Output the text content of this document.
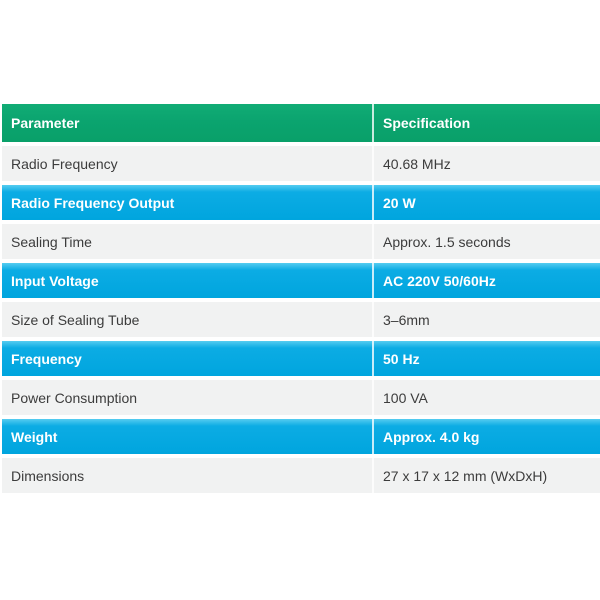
Parameter	Specification
Radio Frequency	40.68 MHz
Radio Frequency Output	20 W
Sealing Time	Approx. 1.5 seconds
Input Voltage	AC 220V 50/60Hz
Size of Sealing Tube	3–6mm
Frequency	50 Hz
Power Consumption	100 VA
Weight	Approx. 4.0 kg
Dimensions	27 x 17 x 12 mm (WxDxH)
